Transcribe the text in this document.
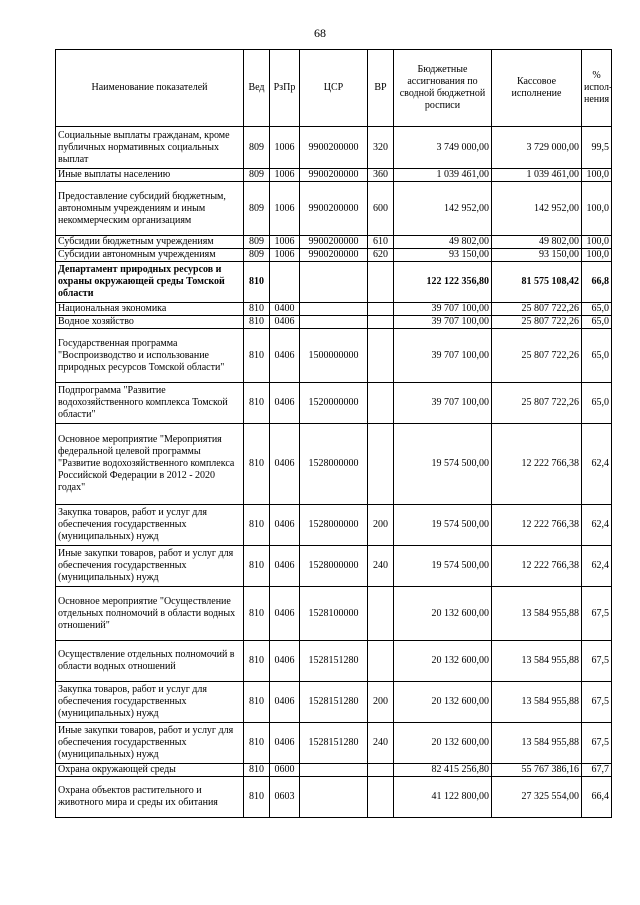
68
Наименование показателей	Вед	РзПр	ЦСР	ВР	Бюджетные ассигнования по сводной бюджетной росписи	Кассовое исполнение	% испол-нения
Социальные выплаты гражданам, кроме публичных нормативных социальных выплат	809	1006	9900200000	320	3 749 000,00	3 729 000,00	99,5
Иные выплаты населению	809	1006	9900200000	360	1 039 461,00	1 039 461,00	100,0
Предоставление субсидий бюджетным, автономным учреждениям и иным некоммерческим организациям	809	1006	9900200000	600	142 952,00	142 952,00	100,0
Субсидии бюджетным учреждениям	809	1006	9900200000	610	49 802,00	49 802,00	100,0
Субсидии автономным учреждениям	809	1006	9900200000	620	93 150,00	93 150,00	100,0
Департамент природных ресурсов и охраны окружающей среды Томской области	810				122 122 356,80	81 575 108,42	66,8
Национальная экономика	810	0400			39 707 100,00	25 807 722,26	65,0
Водное хозяйство	810	0406			39 707 100,00	25 807 722,26	65,0
Государственная программа "Воспроизводство и использование природных ресурсов Томской области"	810	0406	1500000000		39 707 100,00	25 807 722,26	65,0
Подпрограмма "Развитие водохозяйственного комплекса Томской области"	810	0406	1520000000		39 707 100,00	25 807 722,26	65,0
Основное мероприятие "Мероприятия федеральной целевой программы "Развитие водохозяйственного комплекса Российской Федерации в 2012 - 2020 годах"	810	0406	1528000000		19 574 500,00	12 222 766,38	62,4
Закупка товаров, работ и услуг для обеспечения государственных (муниципальных) нужд	810	0406	1528000000	200	19 574 500,00	12 222 766,38	62,4
Иные закупки товаров, работ и услуг для обеспечения государственных (муниципальных) нужд	810	0406	1528000000	240	19 574 500,00	12 222 766,38	62,4
Основное мероприятие "Осуществление отдельных полномочий в области водных отношений"	810	0406	1528100000		20 132 600,00	13 584 955,88	67,5
Осуществление отдельных полномочий в области водных отношений	810	0406	1528151280		20 132 600,00	13 584 955,88	67,5
Закупка товаров, работ и услуг для обеспечения государственных (муниципальных) нужд	810	0406	1528151280	200	20 132 600,00	13 584 955,88	67,5
Иные закупки товаров, работ и услуг для обеспечения государственных (муниципальных) нужд	810	0406	1528151280	240	20 132 600,00	13 584 955,88	67,5
Охрана окружающей среды	810	0600			82 415 256,80	55 767 386,16	67,7
Охрана объектов растительного и животного мира и среды их обитания	810	0603			41 122 800,00	27 325 554,00	66,4
